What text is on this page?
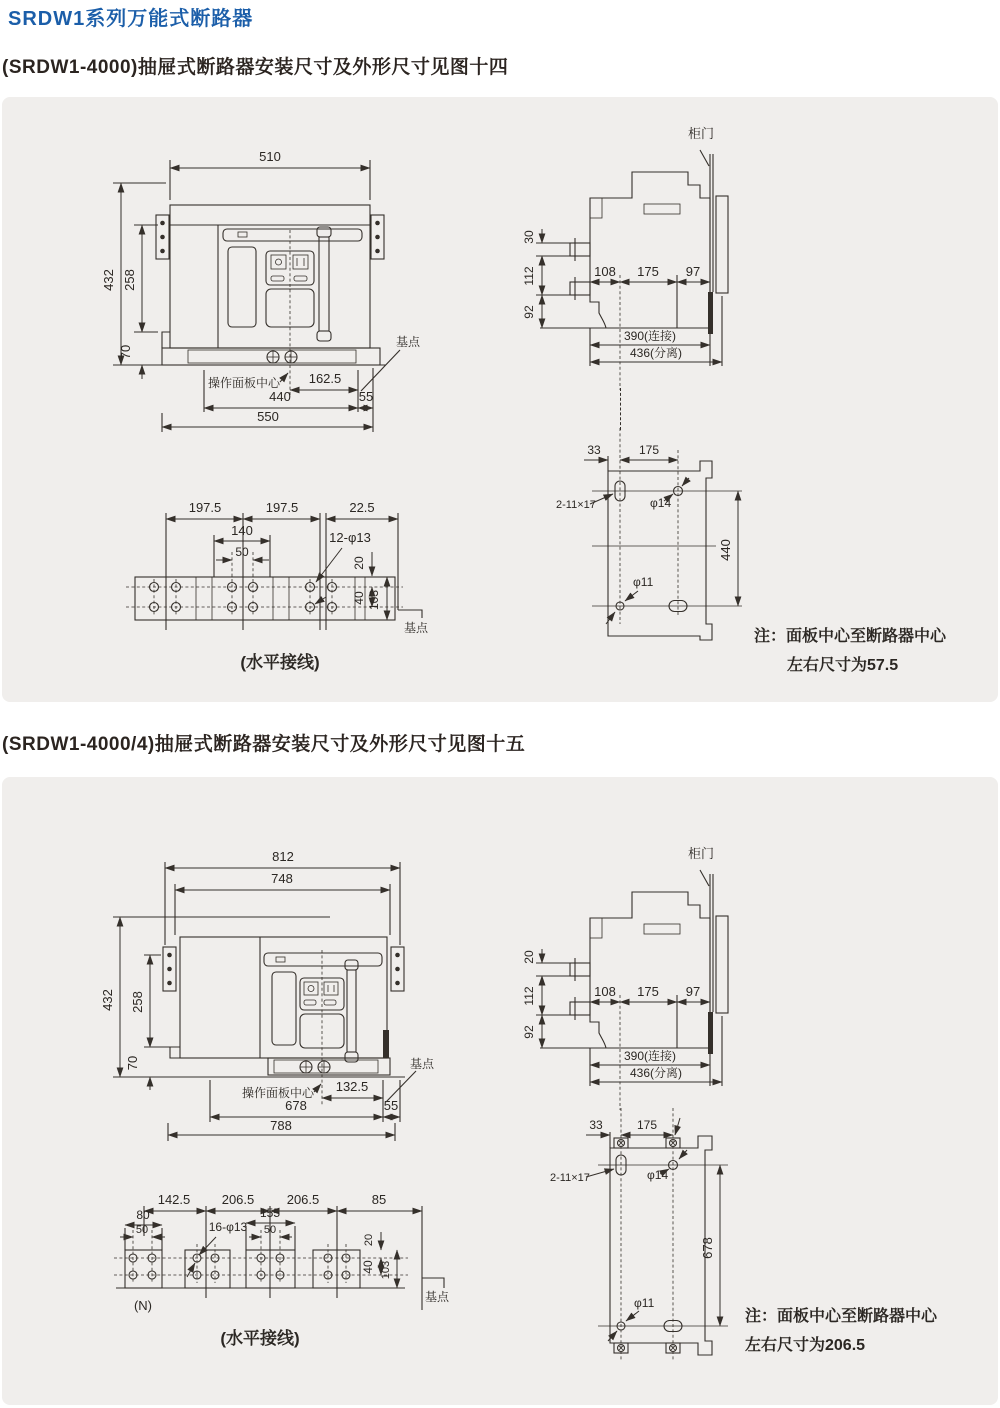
SRDW1系列万能式断路器
(SRDW1-4000)抽屉式断路器安装尺寸及外形尺寸见图十四
510
432 258
70
162.5
440	55
550
操作面板中心
基点
柜门
30
112
92
108 175 97
390(连接)
436(分离)
197.5	197.5	22.5
140
50
12-φ13
20
40 103
基点
(水平接线)
33	175
2-11×17	φ14
440
φ11
注：面板中心至断路器中心
左右尺寸为57.5
(SRDW1-4000/4)抽屉式断路器安装尺寸及外形尺寸见图十五
812
748
432 258
70
132.5
678	55
788
操作面板中心
基点
柜门
20
112
92
108 175 97
390(连接)
436(分离)
142.5 206.5 206.5	85
80
50	16-φ13
155
50
20
40 103
基点
(N)
(水平接线)
33	175
2-11×17	φ14
678
φ11
注：面板中心至断路器中心
左右尺寸为206.5
